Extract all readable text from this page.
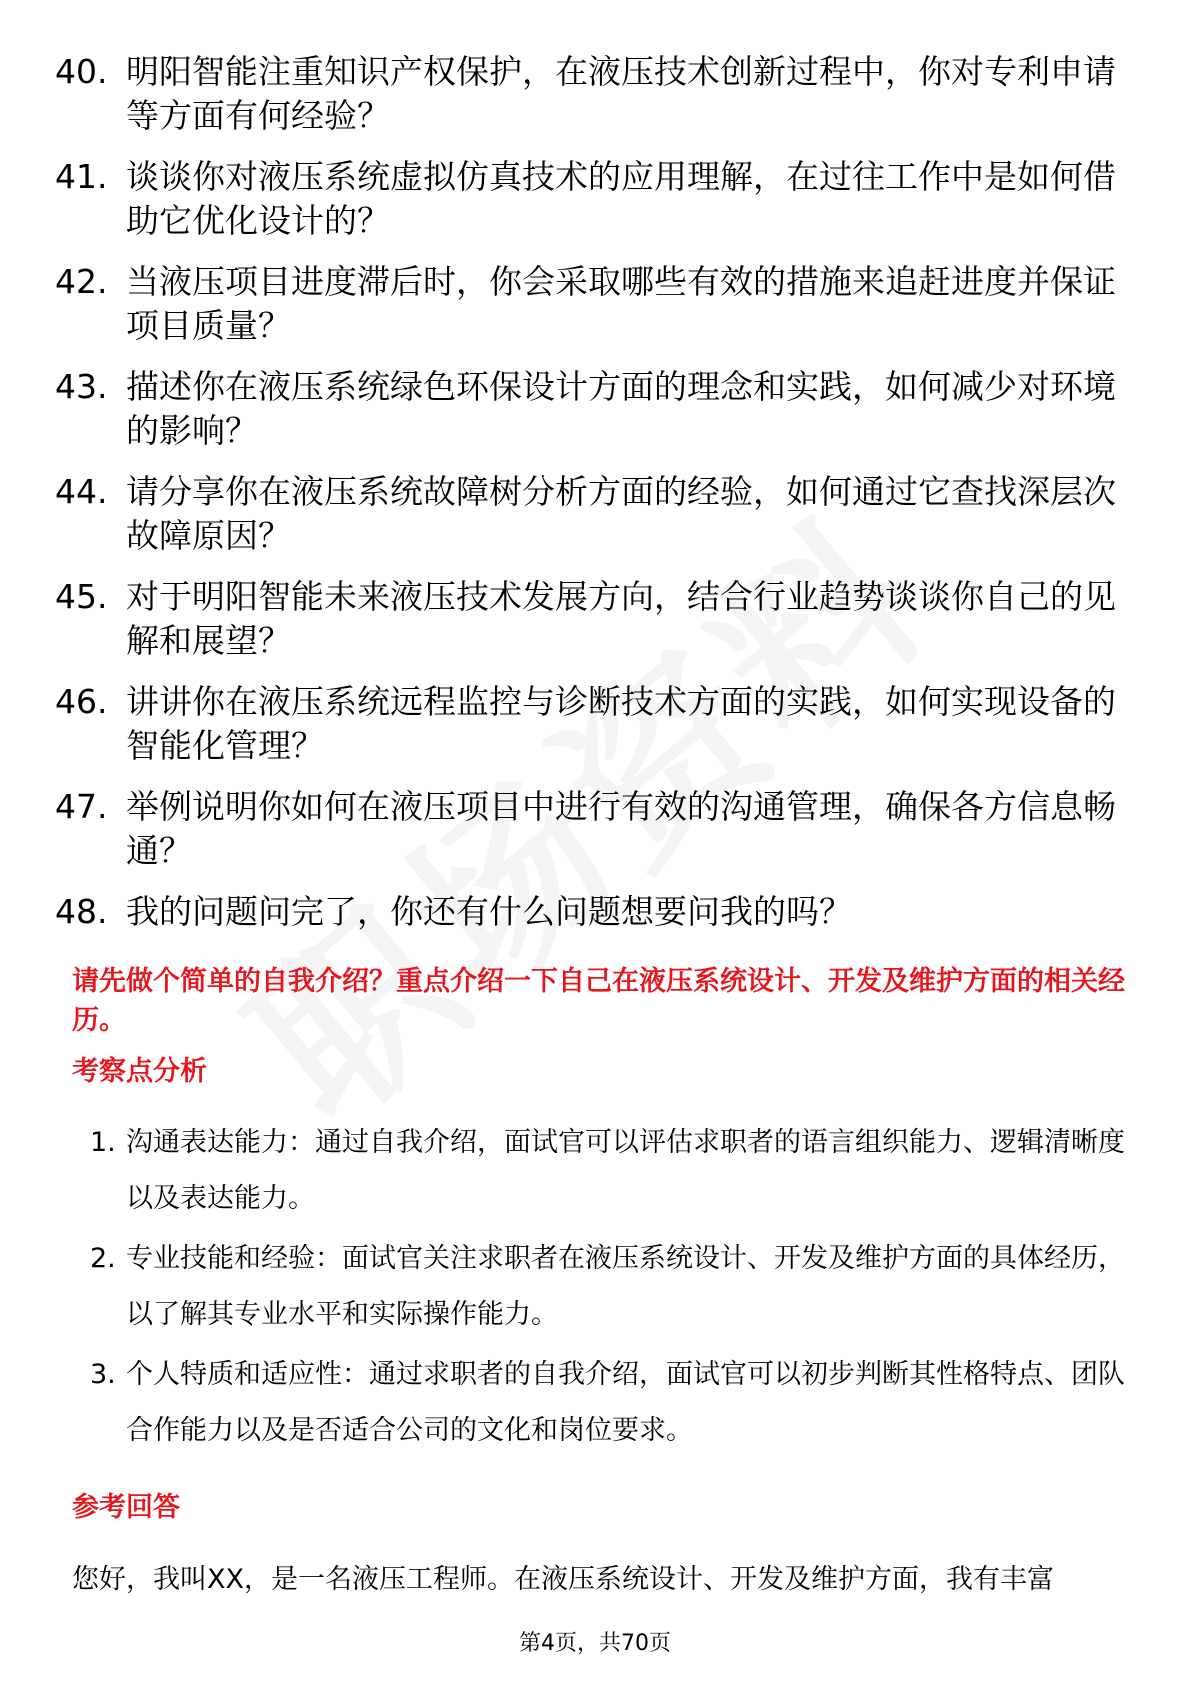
40. 明阳智能注重知识产权保护，在液压技术创新过程中，你对专利申请等方面有何经验？
41. 谈谈你对液压系统虚拟仿真技术的应用理解，在过往工作中是如何借助它优化设计的？
42. 当液压项目进度滞后时，你会采取哪些有效的措施来追赶进度并保证项目质量？
43. 描述你在液压系统绿色环保设计方面的理念和实践，如何减少对环境的影响？
44. 请分享你在液压系统故障树分析方面的经验，如何通过它查找深层次故障原因？
45. 对于明阳智能未来液压技术发展方向，结合行业趋势谈谈你自己的见解和展望？
46. 讲讲你在液压系统远程监控与诊断技术方面的实践，如何实现设备的智能化管理？
47. 举例说明你如何在液压项目中进行有效的沟通管理，确保各方信息畅通？
48. 我的问题问完了，你还有什么问题想要问我的吗？

请先做个简单的自我介绍？重点介绍一下自己在液压系统设计、开发及维护方面的相关经历。

考察点分析

1. 沟通表达能力：通过自我介绍，面试官可以评估求职者的语言组织能力、逻辑清晰度以及表达能力。
2. 专业技能和经验：面试官关注求职者在液压系统设计、开发及维护方面的具体经历，以了解其专业水平和实际操作能力。
3. 个人特质和适应性：通过求职者的自我介绍，面试官可以初步判断其性格特点、团队合作能力以及是否适合公司的文化和岗位要求。

参考回答

您好，我叫XX，是一名液压工程师。在液压系统设计、开发及维护方面，我有丰富

第4页，共70页
